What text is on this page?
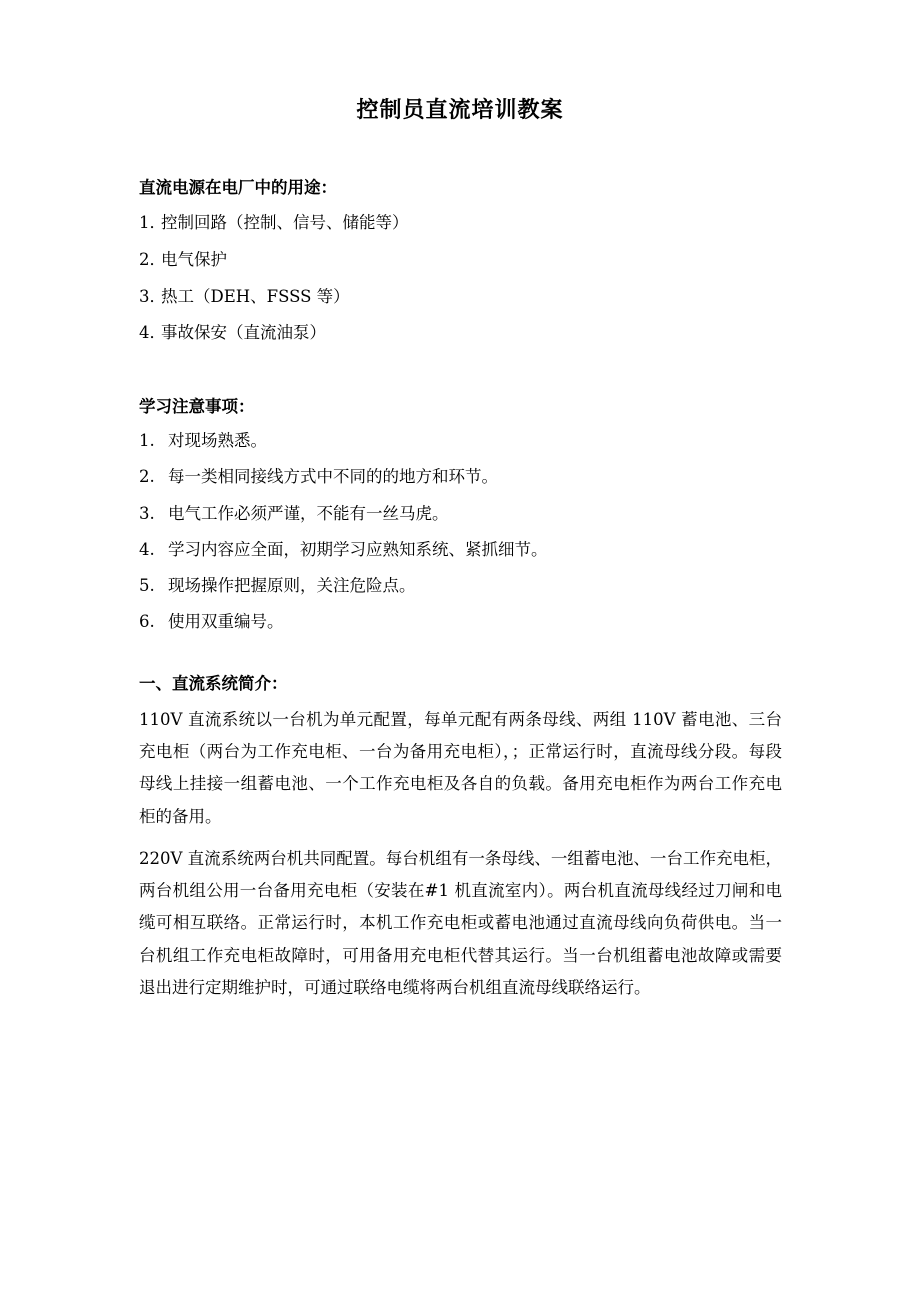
控制员直流培训教案
直流电源在电厂中的用途：
1．控制回路（控制、信号、储能等）
2．电气保护
3．热工（DEH、FSSS 等）
4．事故保安（直流油泵）
学习注意事项：
1. 对现场熟悉。
2. 每一类相同接线方式中不同的的地方和环节。
3. 电气工作必须严谨，不能有一丝马虎。
4. 学习内容应全面，初期学习应熟知系统、紧抓细节。
5. 现场操作把握原则，关注危险点。
6. 使用双重编号。
一、直流系统简介：
110V 直流系统以一台机为单元配置，每单元配有两条母线、两组 110V 蓄电池、三台充电柜（两台为工作充电柜、一台为备用充电柜），；正常运行时，直流母线分段。每段母线上挂接一组蓄电池、一个工作充电柜及各自的负载。备用充电柜作为两台工作充电柜的备用。
220V 直流系统两台机共同配置。每台机组有一条母线、一组蓄电池、一台工作充电柜，两台机组公用一台备用充电柜（安装在#1 机直流室内）。两台机直流母线经过刀闸和电缆可相互联络。正常运行时，本机工作充电柜或蓄电池通过直流母线向负荷供电。当一台机组工作充电柜故障时，可用备用充电柜代替其运行。当一台机组蓄电池故障或需要退出进行定期维护时，可通过联络电缆将两台机组直流母线联络运行。
